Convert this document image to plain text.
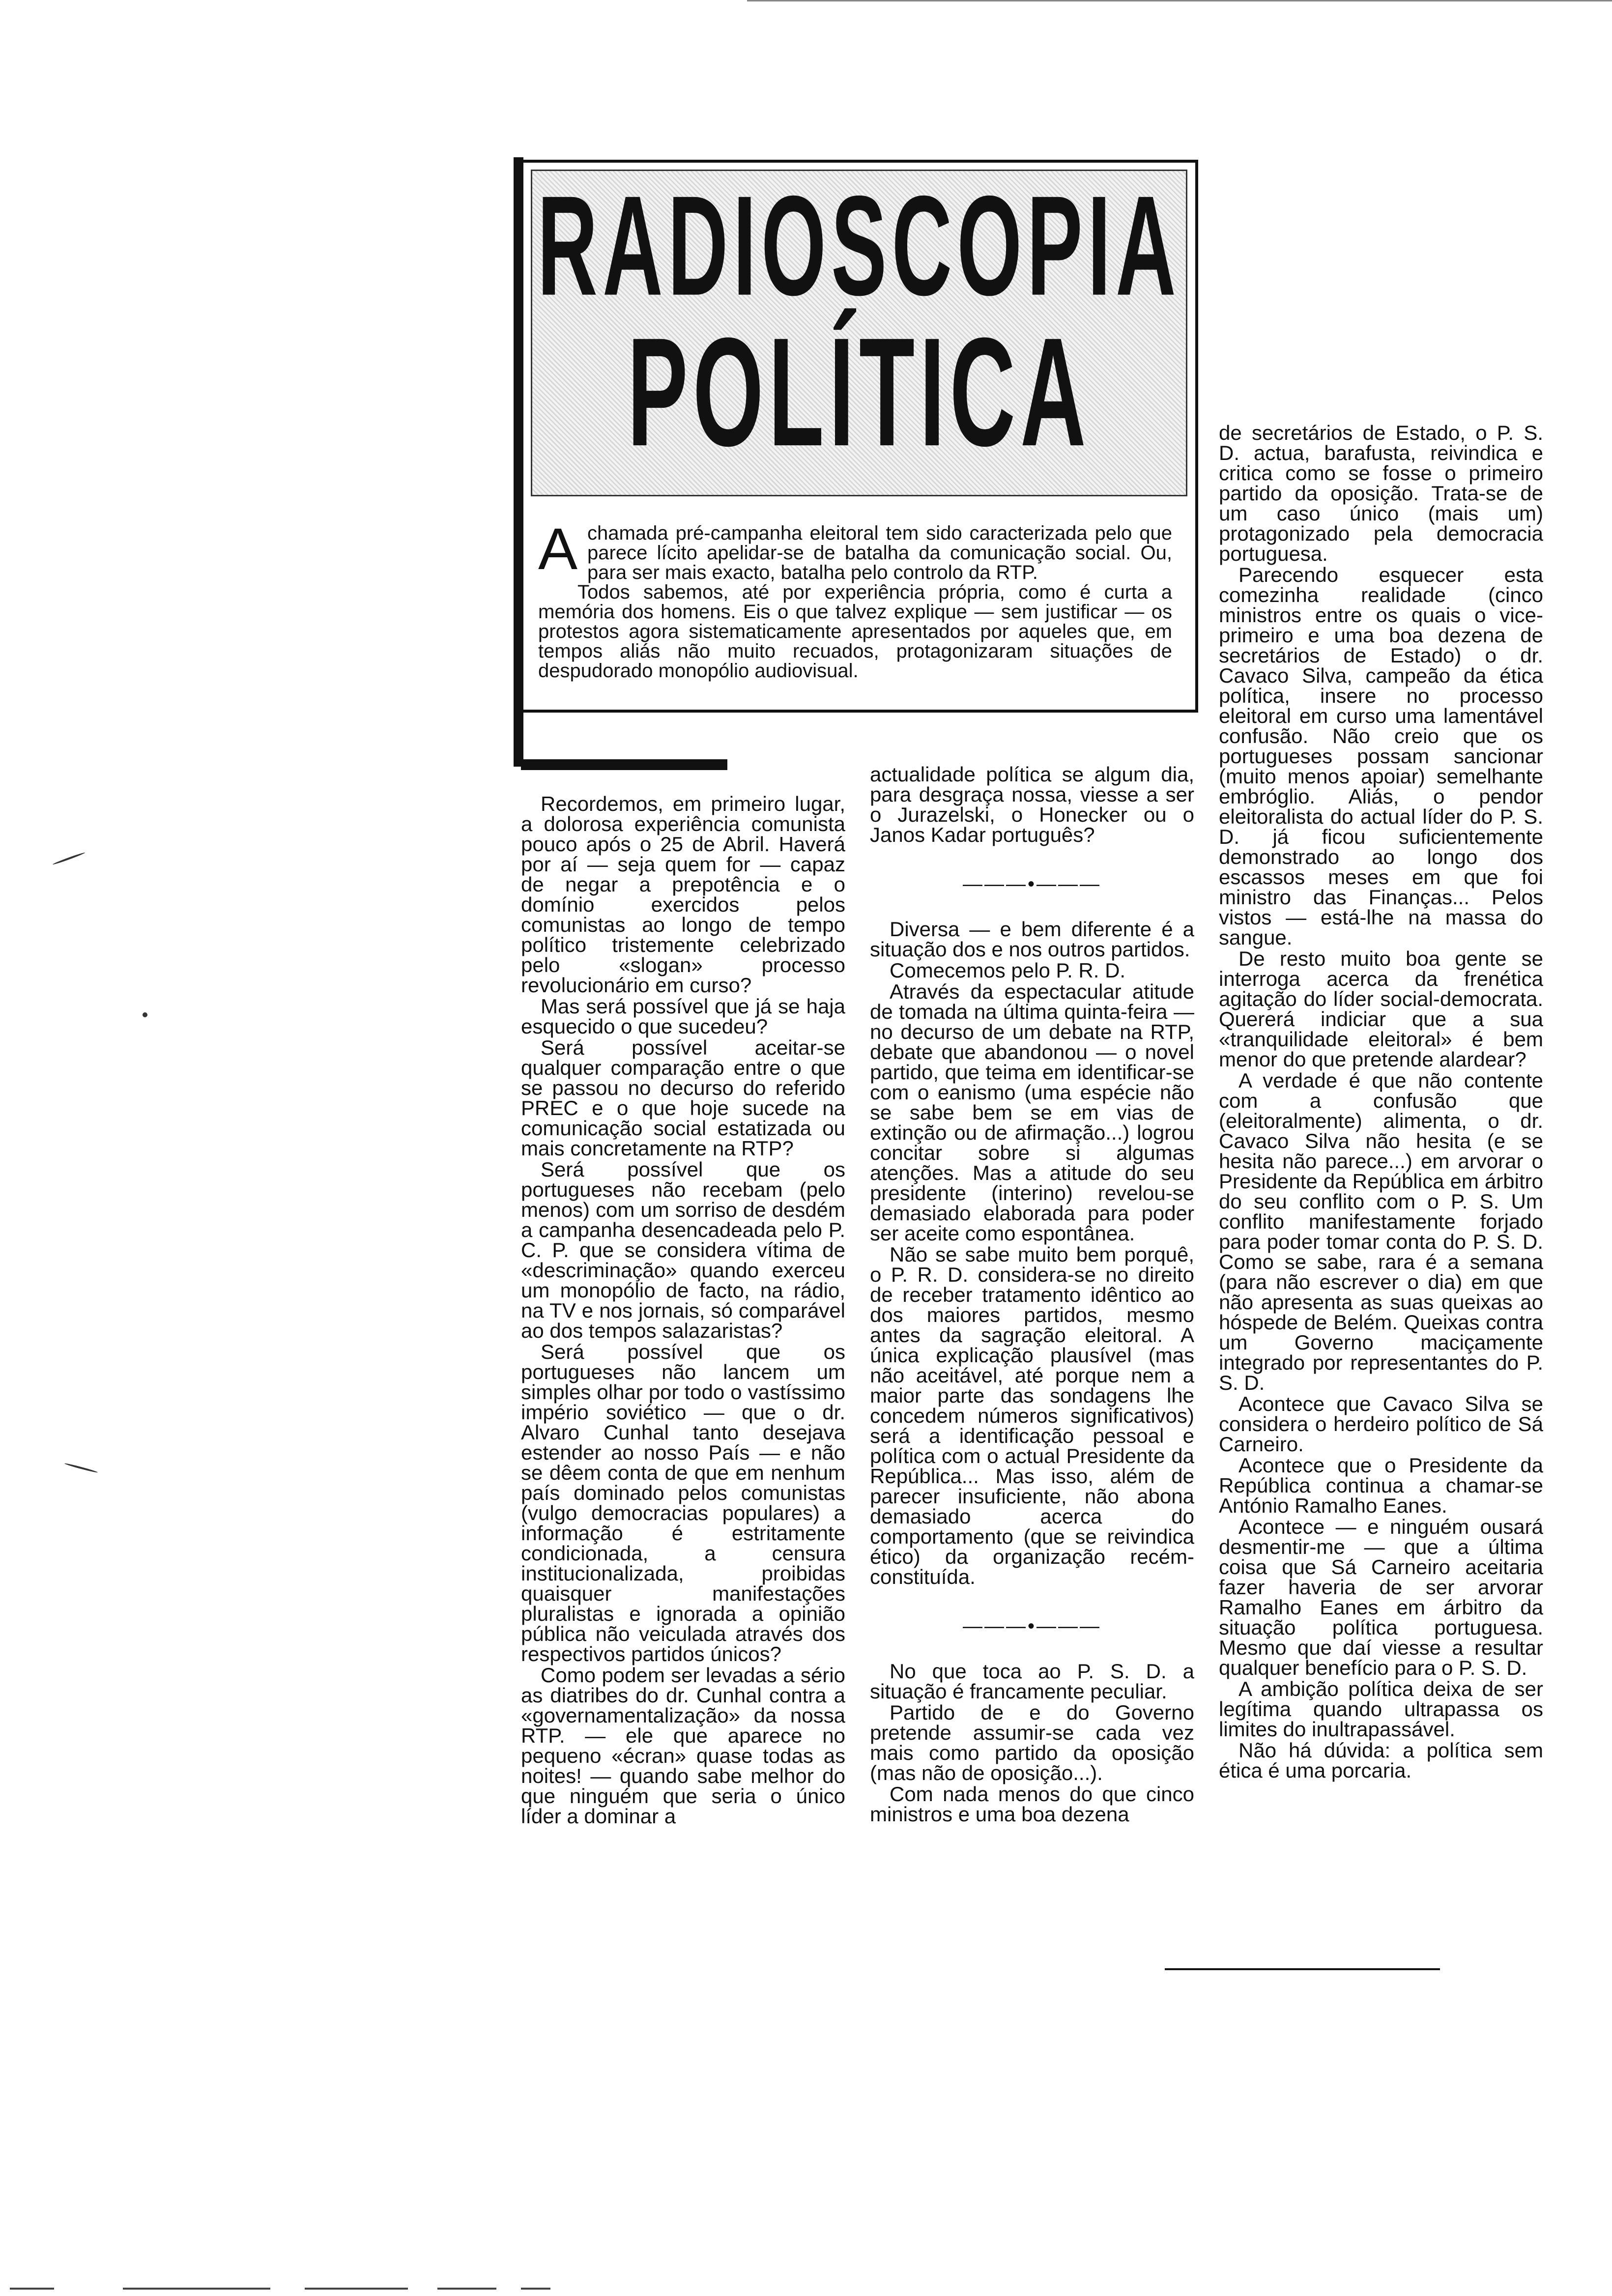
RADIOSCOPIA
POLÍTICA
A chamada pré-campanha eleitoral tem sido caracterizada pelo que parece lícito apelidar-se de batalha da comunicação social. Ou, para ser mais exacto, batalha pelo controlo da RTP.

Todos sabemos, até por experiência própria, como é curta a memória dos homens. Eis o que talvez explique — sem justificar — os protestos agora sistematicamente apresentados por aqueles que, em tempos aliás não muito recuados, protagonizaram situações de despudorado monopólio audiovisual.

Recordemos, em primeiro lugar, a dolorosa experiência comunista pouco após o 25 de Abril. Haverá por aí — seja quem for — capaz de negar a prepotência e o domínio exercidos pelos comunistas ao longo de tempo político tristemente celebrizado pelo «slogan» processo revolucionário em curso?

Mas será possível que já se haja esquecido o que sucedeu?

Será possível aceitar-se qualquer comparação entre o que se passou no decurso do referido PREC e o que hoje sucede na comunicação social estatizada ou mais concretamente na RTP?

Será possível que os portugueses não recebam (pelo menos) com um sorriso de desdém a campanha desencadeada pelo P. C. P. que se considera vítima de «descriminação» quando exerceu um monopólio de facto, na rádio, na TV e nos jornais, só comparável ao dos tempos salazaristas?

Será possível que os portugueses não lancem um simples olhar por todo o vastíssimo império soviético — que o dr. Alvaro Cunhal tanto desejava estender ao nosso País — e não se dêem conta de que em nenhum país dominado pelos comunistas (vulgo democracias populares) a informação é estritamente condicionada, a censura institucionalizada, proibidas quaisquer manifestações pluralistas e ignorada a opinião pública não veiculada através dos respectivos partidos únicos?

Como podem ser levadas a sério as diatribes do dr. Cunhal contra a «governamentalização» da nossa RTP. — ele que aparece no pequeno «écran» quase todas as noites! — quando sabe melhor do que ninguém que seria o único líder a dominar a

actualidade política se algum dia, para desgraça nossa, viesse a ser o Jurazelski, o Honecker ou o Janos Kadar português?

———•———

Diversa — e bem diferente é a situação dos e nos outros partidos.

Comecemos pelo P. R. D.

Através da espectacular atitude de tomada na última quinta-feira — no decurso de um debate na RTP, debate que abandonou — o novel partido, que teima em identificar-se com o eanismo (uma espécie não se sabe bem se em vias de extinção ou de afirmação...) logrou concitar sobre si algumas atenções. Mas a atitude do seu presidente (interino) revelou-se demasiado elaborada para poder ser aceite como espontânea.

Não se sabe muito bem porquê, o P. R. D. considera-se no direito de receber tratamento idêntico ao dos maiores partidos, mesmo antes da sagração eleitoral. A única explicação plausível (mas não aceitável, até porque nem a maior parte das sondagens lhe concedem números significativos) será a identificação pessoal e política com o actual Presidente da República... Mas isso, além de parecer insuficiente, não abona demasiado acerca do comportamento (que se reivindica ético) da organização recém-constituída.

———•———

No que toca ao P. S. D. a situação é francamente peculiar.

Partido de e do Governo pretende assumir-se cada vez mais como partido da oposição (mas não de oposição...).

Com nada menos do que cinco ministros e uma boa dezena

de secretários de Estado, o P. S. D. actua, barafusta, reivindica e critica como se fosse o primeiro partido da oposição. Trata-se de um caso único (mais um) protagonizado pela democracia portuguesa.

Parecendo esquecer esta comezinha realidade (cinco ministros entre os quais o vice-primeiro e uma boa dezena de secretários de Estado) o dr. Cavaco Silva, campeão da ética política, insere no processo eleitoral em curso uma lamentável confusão. Não creio que os portugueses possam sancionar (muito menos apoiar) semelhante embróglio. Aliás, o pendor eleitoralista do actual líder do P. S. D. já ficou suficientemente demonstrado ao longo dos escassos meses em que foi ministro das Finanças... Pelos vistos — está-lhe na massa do sangue.

De resto muito boa gente se interroga acerca da frenética agitação do líder social-democrata. Quererá indiciar que a sua «tranquilidade eleitoral» é bem menor do que pretende alardear?

A verdade é que não contente com a confusão que (eleitoralmente) alimenta, o dr. Cavaco Silva não hesita (e se hesita não parece...) em arvorar o Presidente da República em árbitro do seu conflito com o P. S. Um conflito manifestamente forjado para poder tomar conta do P. S. D. Como se sabe, rara é a semana (para não escrever o dia) em que não apresenta as suas queixas ao hóspede de Belém. Queixas contra um Governo maciçamente integrado por representantes do P. S. D.

Acontece que Cavaco Silva se considera o herdeiro político de Sá Carneiro.

Acontece que o Presidente da República continua a chamar-se António Ramalho Eanes.

Acontece — e ninguém ousará desmentir-me — que a última coisa que Sá Carneiro aceitaria fazer haveria de ser arvorar Ramalho Eanes em árbitro da situação política portuguesa. Mesmo que daí viesse a resultar qualquer benefício para o P. S. D.

A ambição política deixa de ser legítima quando ultrapassa os limites do inultrapassável.

Não há dúvida: a política sem ética é uma porcaria.
